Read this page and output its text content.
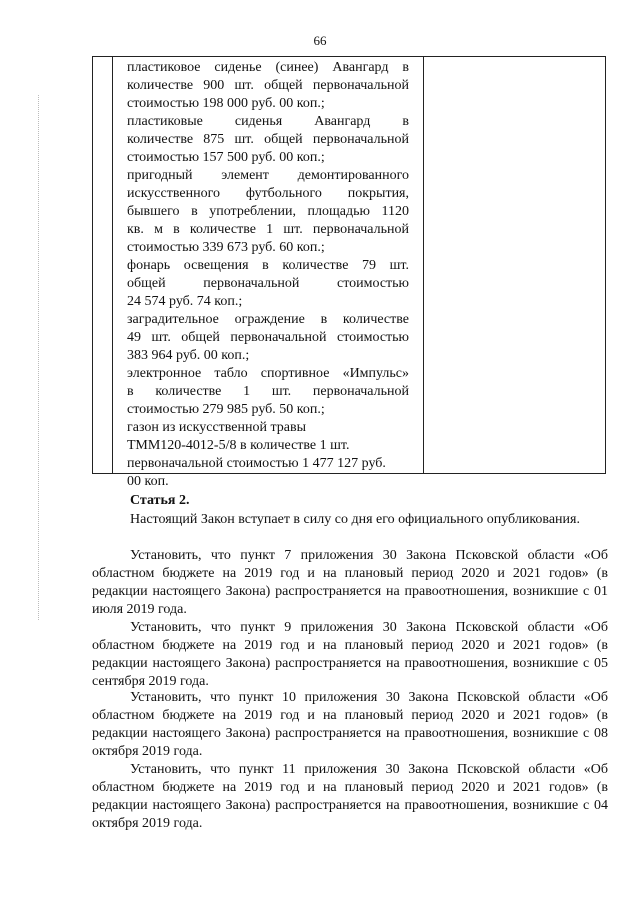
66

пластиковое сиденье (синее) Авангард в

количестве 900 шт. общей первоначальной

стоимостью 198 000 руб. 00 коп.;

пластиковые сиденья Авангард в

количестве 875 шт. общей первоначальной

стоимостью 157 500 руб. 00 коп.;

пригодный элемент демонтированного

искусственного футбольного покрытия,

бывшего в употреблении, площадью 1120

кв. м в количестве 1 шт. первоначальной

стоимостью 339 673 руб. 60 коп.;

фонарь освещения в количестве 79 шт.

общей первоначальной стоимостью

24 574 руб. 74 коп.;

заградительное ограждение в количестве

49 шт. общей первоначальной стоимостью

383 964 руб. 00 коп.;

электронное табло спортивное «Импульс»

в количестве 1 шт. первоначальной

стоимостью 279 985 руб. 50 коп.;

газон из искусственной травы

ТММ120-4012-5/8 в количестве 1 шт.

первоначальной стоимостью 1 477 127 руб.

00 коп.

Статья 2.

Настоящий Закон вступает в силу со дня его официального опубликования.

Установить, что пункт 7 приложения 30 Закона Псковской области «Об областном бюджете на 2019 год и на плановый период 2020 и 2021 годов» (в редакции настоящего Закона) распространяется на правоотношения, возникшие с 01 июля 2019 года.

Установить, что пункт 9 приложения 30 Закона Псковской области «Об областном бюджете на 2019 год и на плановый период 2020 и 2021 годов» (в редакции настоящего Закона) распространяется на правоотношения, возникшие с 05 сентября 2019 года.

Установить, что пункт 10 приложения 30 Закона Псковской области «Об областном бюджете на 2019 год и на плановый период 2020 и 2021 годов» (в редакции настоящего Закона) распространяется на правоотношения, возникшие с 08 октября 2019 года.

Установить, что пункт 11 приложения 30 Закона Псковской области «Об областном бюджете на 2019 год и на плановый период 2020 и 2021 годов» (в редакции настоящего Закона) распространяется на правоотношения, возникшие с 04 октября 2019 года.
